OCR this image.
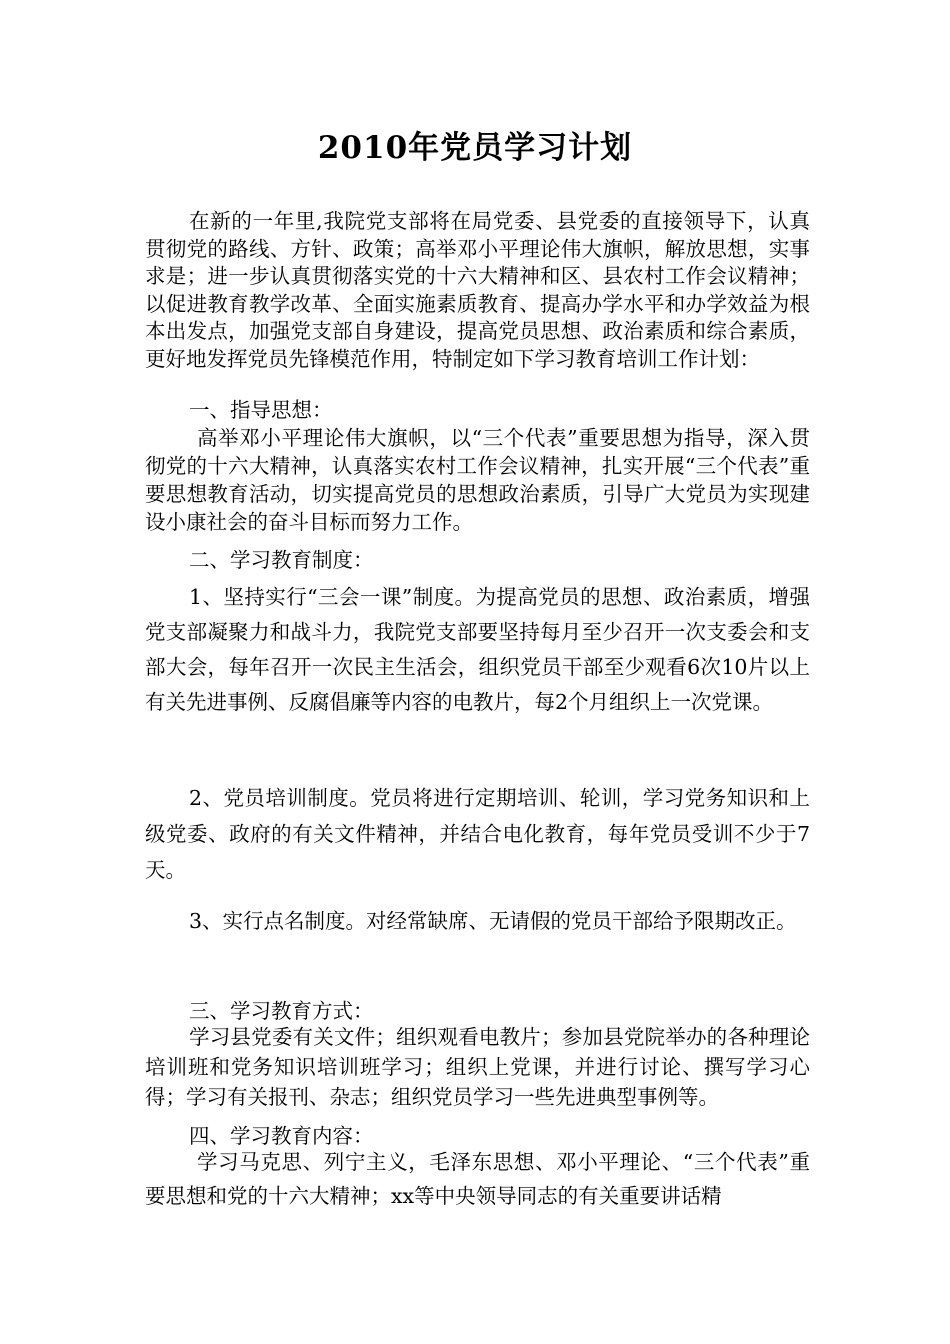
2010年党员学习计划

在新的一年里,我院党支部将在局党委、县党委的直接领导下，认真贯彻党的路线、方针、政策；高举邓小平理论伟大旗帜，解放思想，实事求是；进一步认真贯彻落实党的十六大精神和区、县农村工作会议精神；以促进教育教学改革、全面实施素质教育、提高办学水平和办学效益为根本出发点，加强党支部自身建设，提高党员思想、政治素质和综合素质，更好地发挥党员先锋模范作用，特制定如下学习教育培训工作计划：

一、指导思想：

高举邓小平理论伟大旗帜，以“三个代表”重要思想为指导，深入贯彻党的十六大精神，认真落实农村工作会议精神，扎实开展“三个代表”重要思想教育活动，切实提高党员的思想政治素质，引导广大党员为实现建设小康社会的奋斗目标而努力工作。

二、学习教育制度：

1、坚持实行“三会一课”制度。为提高党员的思想、政治素质，增强党支部凝聚力和战斗力，我院党支部要坚持每月至少召开一次支委会和支部大会，每年召开一次民主生活会，组织党员干部至少观看6次10片以上有关先进事例、反腐倡廉等内容的电教片，每2个月组织上一次党课。

2、党员培训制度。党员将进行定期培训、轮训，学习党务知识和上级党委、政府的有关文件精神，并结合电化教育，每年党员受训不少于7天。

3、实行点名制度。对经常缺席、无请假的党员干部给予限期改正。

三、学习教育方式：

学习县党委有关文件；组织观看电教片；参加县党院举办的各种理论培训班和党务知识培训班学习；组织上党课，并进行讨论、撰写学习心得；学习有关报刊、杂志；组织党员学习一些先进典型事例等。

四、学习教育内容：

学习马克思、列宁主义，毛泽东思想、邓小平理论、“三个代表”重要思想和党的十六大精神；xx等中央领导同志的有关重要讲话精
